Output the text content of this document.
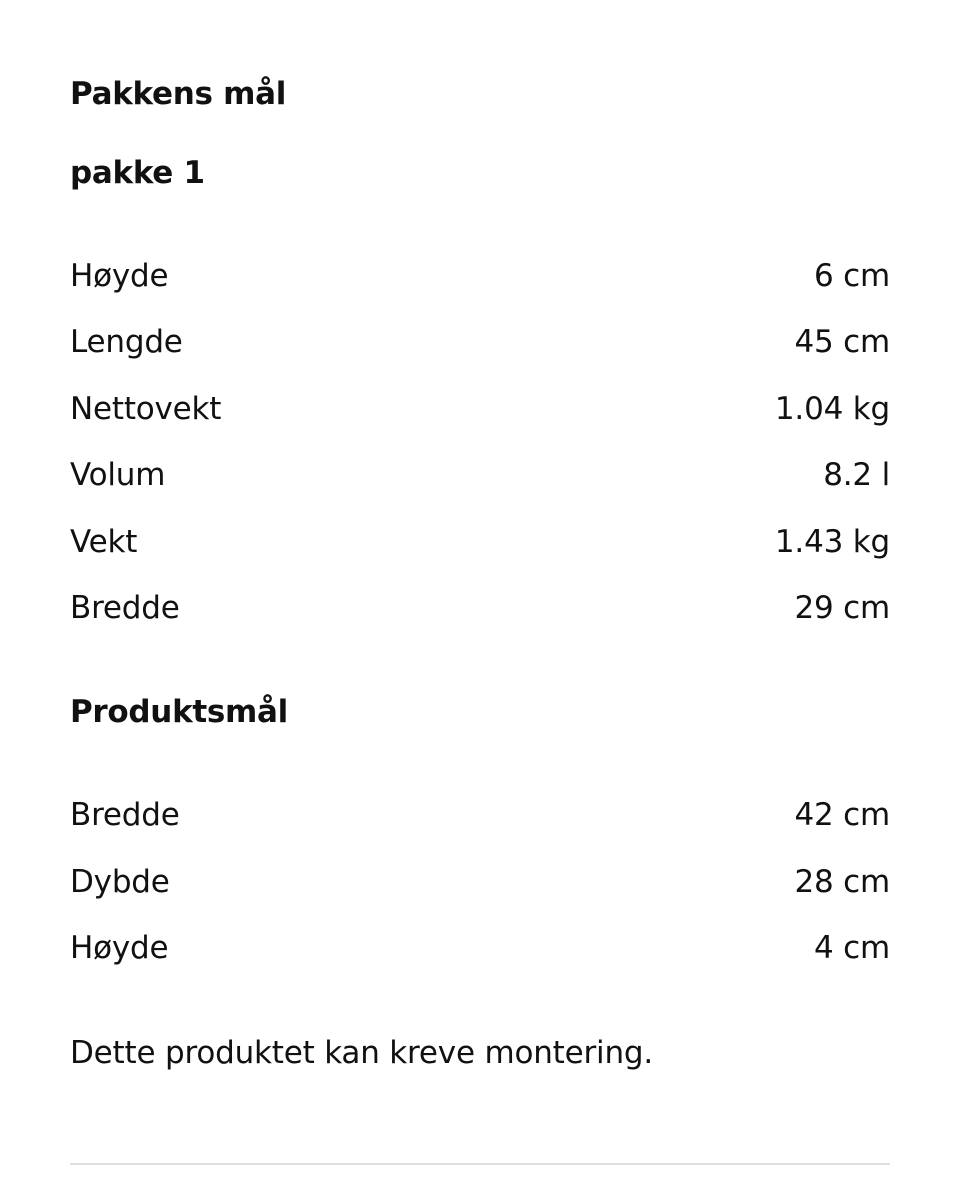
Pakkens mål
pakke 1
Høyde	6 cm
Lengde	45 cm
Nettovekt	1.04 kg
Volum	8.2 l
Vekt	1.43 kg
Bredde	29 cm
Produktsmål
Bredde	42 cm
Dybde	28 cm
Høyde	4 cm

Dette produktet kan kreve montering.
